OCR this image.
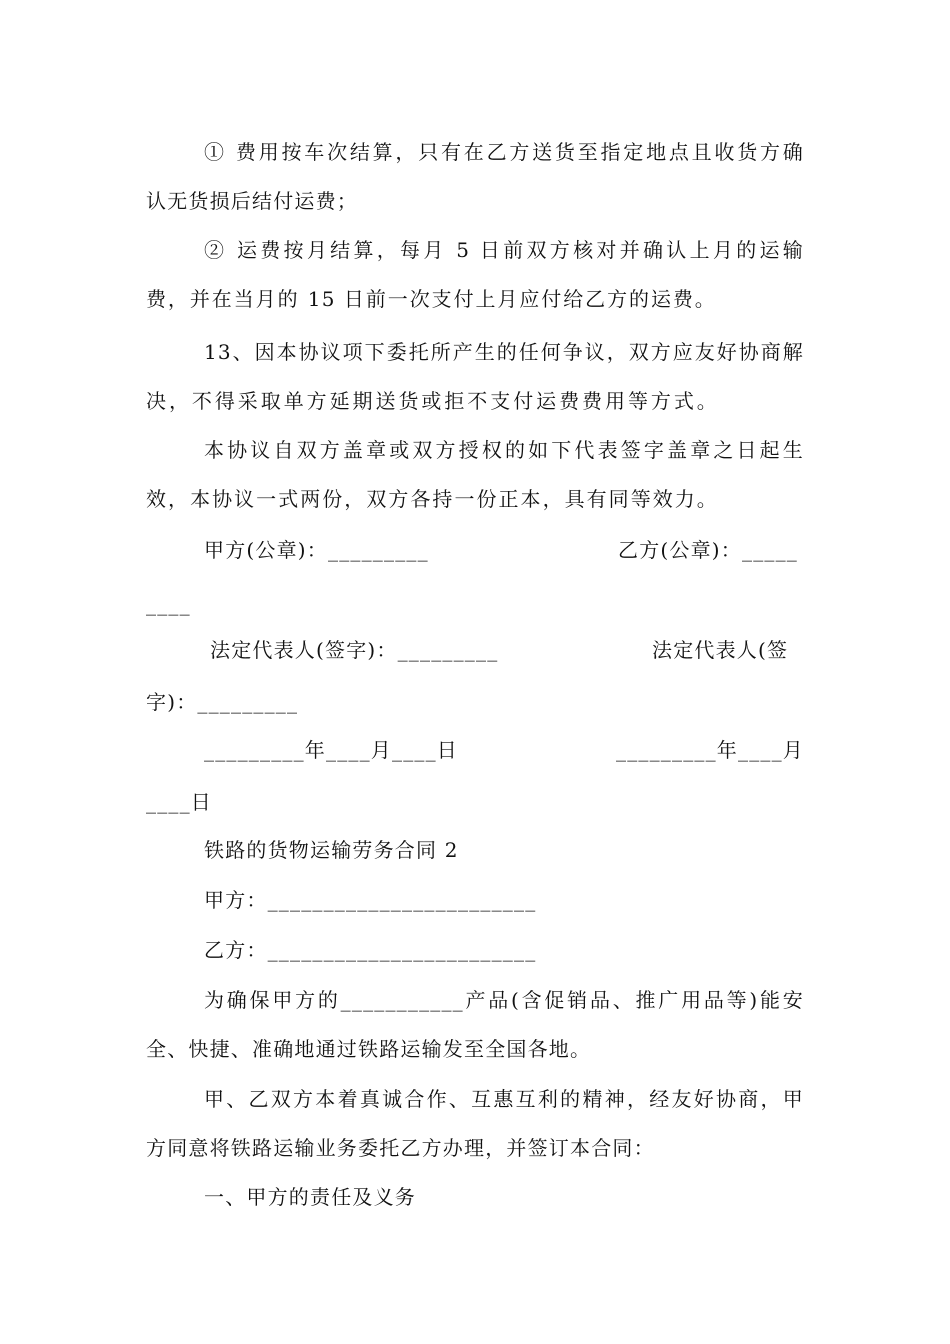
① 费用按车次结算，只有在乙方送货至指定地点且收货方确
认无货损后结付运费；
② 运费按月结算，每月 5 日前双方核对并确认上月的运输
费，并在当月的 15 日前一次支付上月应付给乙方的运费。
13、因本协议项下委托所产生的任何争议，双方应友好协商解
决，不得采取单方延期送货或拒不支付运费费用等方式。
本协议自双方盖章或双方授权的如下代表签字盖章之日起生
效，本协议一式两份，双方各持一份正本，具有同等效力。
甲方(公章)：_________	乙方(公章)：_____
____
法定代表人(签字)：_________	法定代表人(签
字)：_________
_________年____月____日	_________年____月
____日
铁路的货物运输劳务合同 2
甲方：________________________
乙方：________________________
为确保甲方的___________产品(含促销品、推广用品等)能安
全、快捷、准确地通过铁路运输发至全国各地。
甲、乙双方本着真诚合作、互惠互利的精神，经友好协商，甲
方同意将铁路运输业务委托乙方办理，并签订本合同：
一、甲方的责任及义务
